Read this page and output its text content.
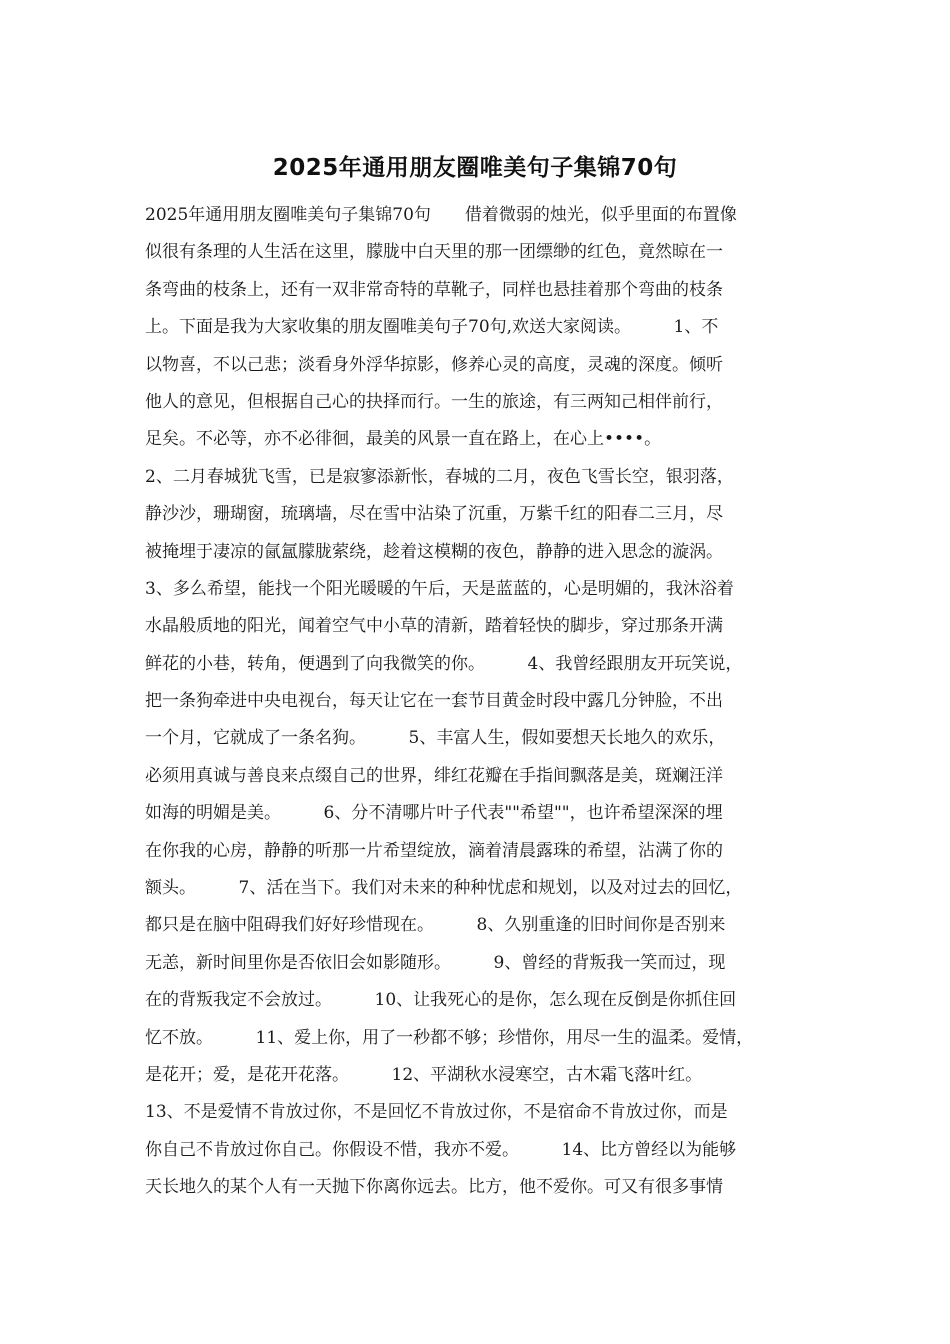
2025年通用朋友圈唯美句子集锦70句
2025年通用朋友圈唯美句子集锦70句　　借着微弱的烛光，似乎里面的布置像
似很有条理的人生活在这里，朦胧中白天里的那一团缥缈的红色，竟然晾在一
条弯曲的枝条上，还有一双非常奇特的草靴子，同样也悬挂着那个弯曲的枝条
上。下面是我为大家收集的朋友圈唯美句子70句,欢送大家阅读。　　　1、不
以物喜，不以己悲；淡看身外浮华掠影，修养心灵的高度，灵魂的深度。倾听
他人的意见，但根据自己心的抉择而行。一生的旅途，有三两知己相伴前行，
足矣。不必等，亦不必徘徊，最美的风景一直在路上，在心上••••。
2、二月春城犹飞雪，已是寂寥添新怅，春城的二月，夜色飞雪长空，银羽落，
静沙沙，珊瑚窗，琉璃墙，尽在雪中沾染了沉重，万紫千红的阳春二三月，尽
被掩埋于凄凉的氤氲朦胧萦绕，趁着这模糊的夜色，静静的进入思念的漩涡。
3、多么希望，能找一个阳光暖暖的午后，天是蓝蓝的，心是明媚的，我沐浴着
水晶般质地的阳光，闻着空气中小草的清新，踏着轻快的脚步，穿过那条开满
鲜花的小巷，转角，便遇到了向我微笑的你。　　　4、我曾经跟朋友开玩笑说，
把一条狗牵进中央电视台，每天让它在一套节目黄金时段中露几分钟脸，不出
一个月，它就成了一条名狗。　　　5、丰富人生，假如要想天长地久的欢乐，
必须用真诚与善良来点缀自己的世界，绯红花瓣在手指间飘落是美，斑斓汪洋
如海的明媚是美。　　　6、分不清哪片叶子代表""希望""，也许希望深深的埋
在你我的心房，静静的听那一片希望绽放，滴着清晨露珠的希望，沾满了你的
额头。　　　7、活在当下。我们对未来的种种忧虑和规划，以及对过去的回忆，
都只是在脑中阻碍我们好好珍惜现在。　　　8、久别重逢的旧时间你是否别来
无恙，新时间里你是否依旧会如影随形。　　　9、曾经的背叛我一笑而过，现
在的背叛我定不会放过。　　　10、让我死心的是你，怎么现在反倒是你抓住回
忆不放。　　　11、爱上你，用了一秒都不够；珍惜你，用尽一生的温柔。爱情，
是花开；爱，是花开花落。　　　12、平湖秋水浸寒空，古木霜飞落叶红。
13、不是爱情不肯放过你，不是回忆不肯放过你，不是宿命不肯放过你，而是
你自己不肯放过你自己。你假设不惜，我亦不爱。　　　14、比方曾经以为能够
天长地久的某个人有一天抛下你离你远去。比方，他不爱你。可又有很多事情
